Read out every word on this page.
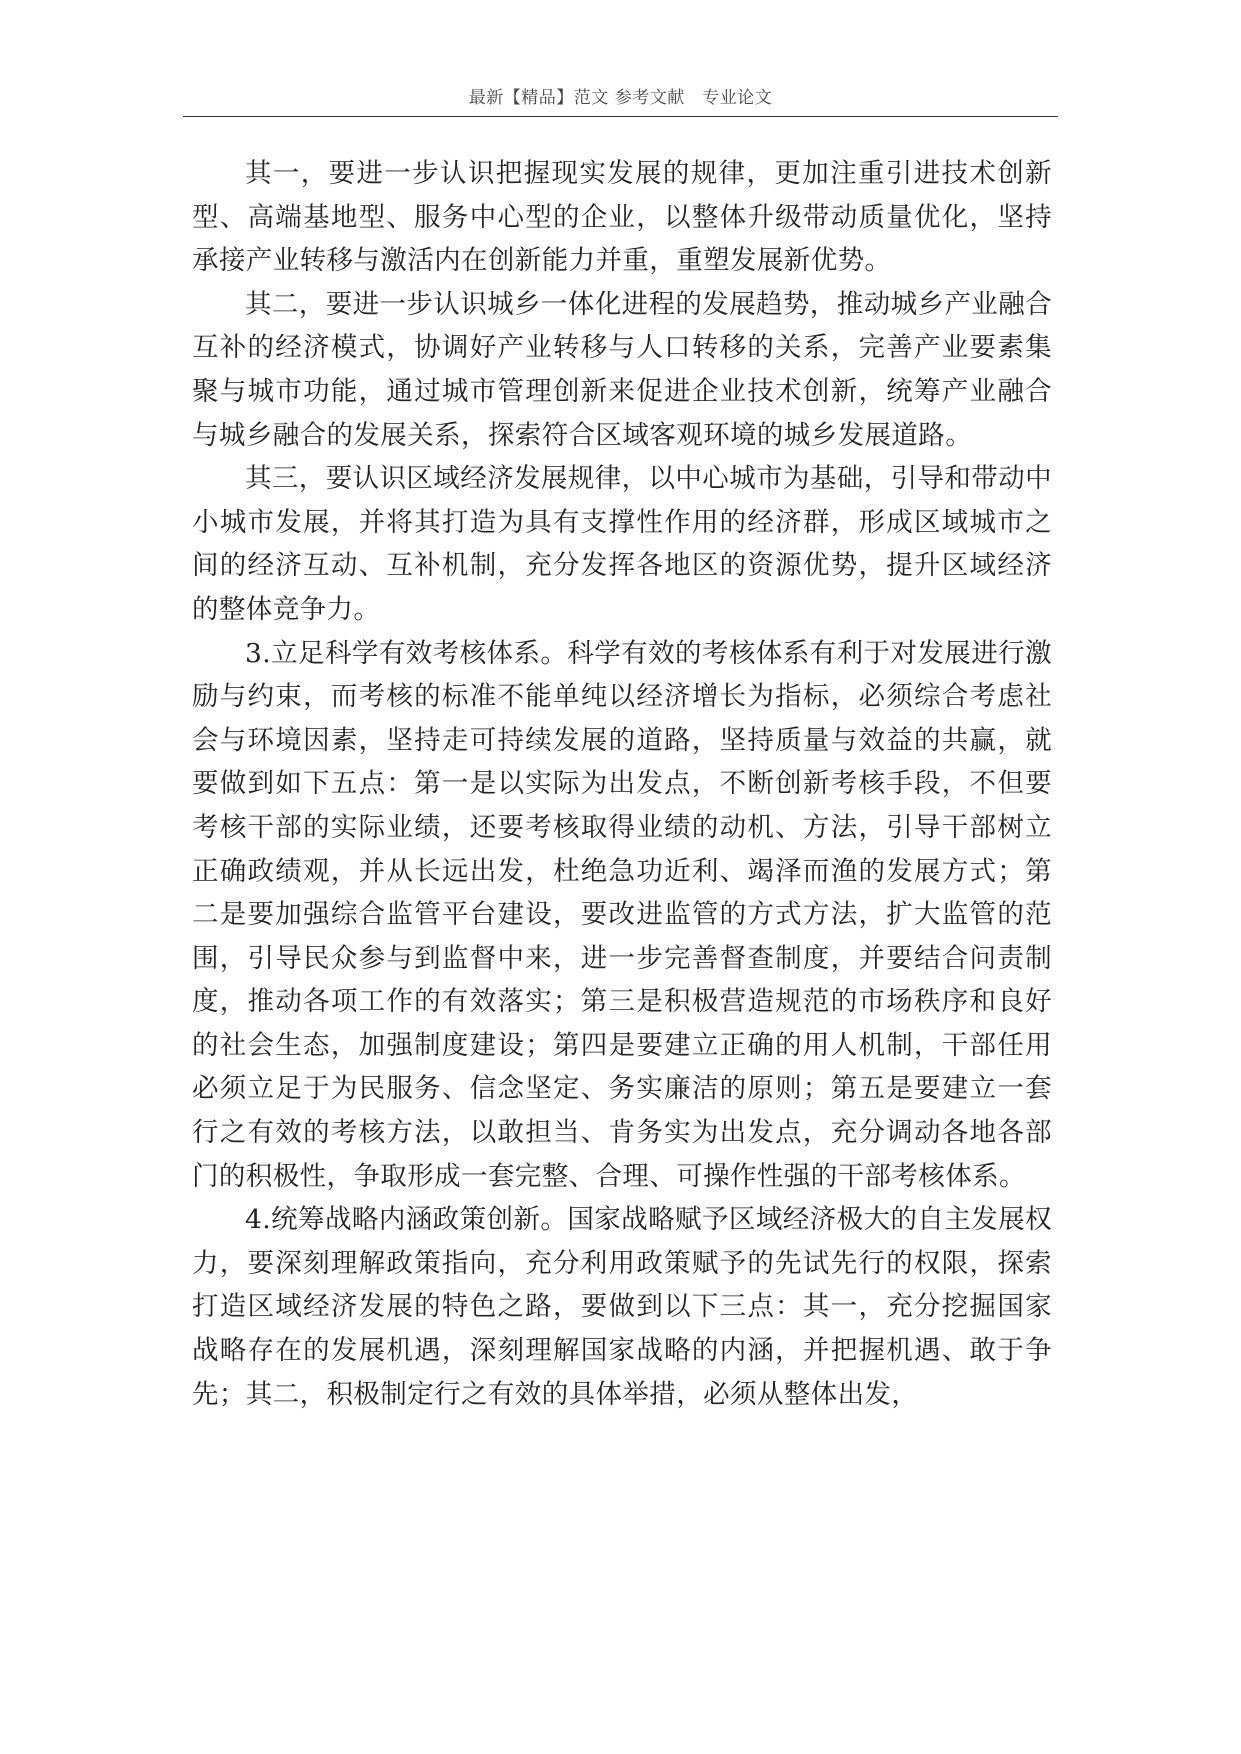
最新【精品】范文 参考文献　专业论文

其一，要进一步认识把握现实发展的规律，更加注重引进技术创新型、高端基地型、服务中心型的企业，以整体升级带动质量优化，坚持承接产业转移与激活内在创新能力并重，重塑发展新优势。

其二，要进一步认识城乡一体化进程的发展趋势，推动城乡产业融合互补的经济模式，协调好产业转移与人口转移的关系，完善产业要素集聚与城市功能，通过城市管理创新来促进企业技术创新，统筹产业融合与城乡融合的发展关系，探索符合区域客观环境的城乡发展道路。

其三，要认识区域经济发展规律，以中心城市为基础，引导和带动中小城市发展，并将其打造为具有支撑性作用的经济群，形成区域城市之间的经济互动、互补机制，充分发挥各地区的资源优势，提升区域经济的整体竞争力。

3.立足科学有效考核体系。科学有效的考核体系有利于对发展进行激励与约束，而考核的标准不能单纯以经济增长为指标，必须综合考虑社会与环境因素，坚持走可持续发展的道路，坚持质量与效益的共赢，就要做到如下五点：第一是以实际为出发点，不断创新考核手段，不但要考核干部的实际业绩，还要考核取得业绩的动机、方法，引导干部树立正确政绩观，并从长远出发，杜绝急功近利、竭泽而渔的发展方式；第二是要加强综合监管平台建设，要改进监管的方式方法，扩大监管的范围，引导民众参与到监督中来，进一步完善督查制度，并要结合问责制度，推动各项工作的有效落实；第三是积极营造规范的市场秩序和良好的社会生态，加强制度建设；第四是要建立正确的用人机制，干部任用必须立足于为民服务、信念坚定、务实廉洁的原则；第五是要建立一套行之有效的考核方法，以敢担当、肯务实为出发点，充分调动各地各部门的积极性，争取形成一套完整、合理、可操作性强的干部考核体系。

4.统筹战略内涵政策创新。国家战略赋予区域经济极大的自主发展权力，要深刻理解政策指向，充分利用政策赋予的先试先行的权限，探索打造区域经济发展的特色之路，要做到以下三点：其一，充分挖掘国家战略存在的发展机遇，深刻理解国家战略的内涵，并把握机遇、敢于争先；其二，积极制定行之有效的具体举措，必须从整体出发，
